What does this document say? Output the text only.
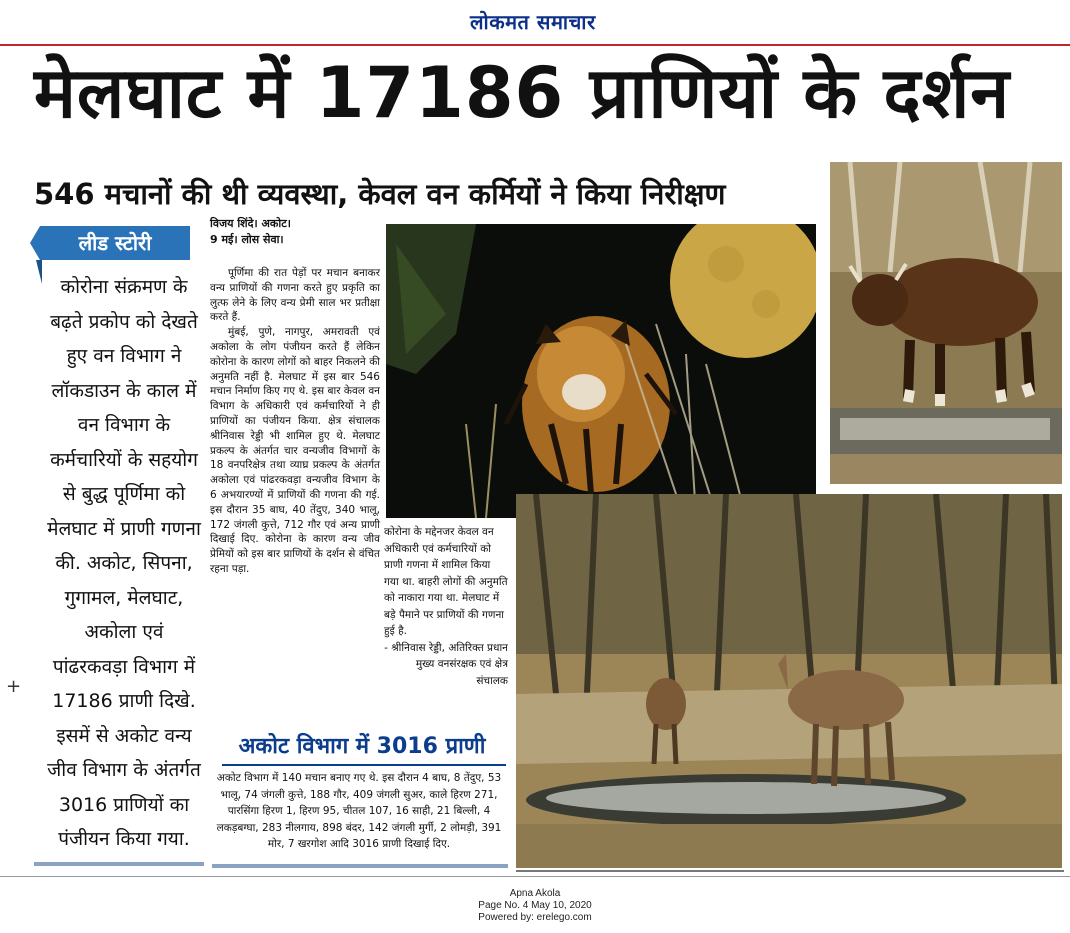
लोकमत समाचार
मेलघाट में 17186 प्राणियों के दर्शन
546 मचानों की थी व्यवस्था, केवल वन कर्मियों ने किया निरीक्षण
लीड स्टोरी
कोरोना संक्रमण के बढ़ते प्रकोप को देखते हुए वन विभाग ने लॉकडाउन के काल में वन विभाग के कर्मचारियों के सहयोग से बुद्ध पूर्णिमा को मेलघाट में प्राणी गणना की. अकोट, सिपना, गुगामल, मेलघाट, अकोला एवं पांढरकवड़ा विभाग में 17186 प्राणी दिखे. इसमें से अकोट वन्य जीव विभाग के अंतर्गत 3016 प्राणियों का पंजीयन किया गया.
विजय शिंदे। अकोट।
9 मई। लोस सेवा।

पूर्णिमा की रात पेड़ों पर मचान बनाकर वन्य प्राणियों की गणना करते हुए प्रकृति का लुत्फ लेने के लिए वन्य प्रेमी साल भर प्रतीक्षा करते हैं.

मुंबई, पुणे, नागपुर, अमरावती एवं अकोला के लोग पंजीयन करते हैं लेकिन कोरोना के कारण लोगों को बाहर निकलने की अनुमति नहीं है. मेलघाट में इस बार 546 मचान निर्माण किए गए थे. इस बार केवल वन विभाग के अधिकारी एवं कर्मचारियों ने ही प्राणियों का पंजीयन किया. क्षेत्र संचालक श्रीनिवास रेड्डी भी शामिल हुए थे. मेलघाट प्रकल्प के अंतर्गत चार वन्यजीव विभागों के 18 वनपरिक्षेत्र तथा व्याघ्र प्रकल्प के अंतर्गत अकोला एवं पांढरकवड़ा वन्यजीव विभाग के 6 अभयारण्यों में प्राणियों की गणना की गई. इस दौरान 35 बाघ, 40 तेंदुए, 340 भालू, 172 जंगली कुत्ते, 712 गौर एवं अन्य प्राणी दिखाई दिए. कोरोना के कारण वन्य जीव प्रेमियों को इस बार प्राणियों के दर्शन से वंचित रहना पड़ा.

कोरोना के मद्देनजर केवल वन अधिकारी एवं कर्मचारियों को प्राणी गणना में शामिल किया गया था. बाहरी लोगों की अनुमति को नाकारा गया था. मेलघाट में बड़े पैमाने पर प्राणियों की गणना हुई है.
- श्रीनिवास रेड्डी, अतिरिक्त प्रधान मुख्य वनसंरक्षक एवं क्षेत्र संचालक
अकोट विभाग में 3016 प्राणी
अकोट विभाग में 140 मचान बनाए गए थे. इस दौरान 4 बाघ, 8 तेंदुए, 53 भालू, 74 जंगली कुत्ते, 188 गौर, 409 जंगली सुअर, काले हिरण 271, पारसिंगा हिरण 1, हिरण 95, चीतल 107, 16 साही, 21 बिल्ली, 4 लकड़बग्घा, 283 नीलगाय, 898 बंदर, 142 जंगली मुर्गी, 2 लोमड़ी, 391 मोर, 7 खरगोश आदि 3016 प्राणी दिखाई दिए.
+
Apna Akola
Page No. 4 May 10, 2020
Powered by: erelego.com
